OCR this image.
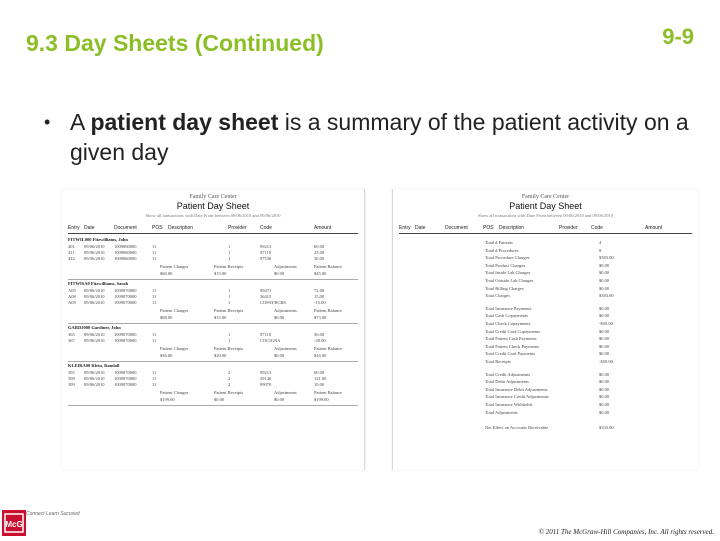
9.3 Day Sheets (Continued)	9-9
• A patient day sheet is a summary of the patient activity on a given day
Family Care Center
Patient Day Sheet
Show all transactions with Date From between 09/06/2010 and 09/06/2010
Entry Date	Document	POS Description	Provider	Code	Amount
FITWIL000 Fitzwilliams, John
401 09/06/2010 1009060000	11	1	99213	60.00
411 09/06/2010 1009060000	11	1	97110	25.00
412 09/06/2010 1009060000	11	1	97530	30.00
Patient Charges	Patient Receipts	Adjustments	Patient Balance
$60.00	$15.00	$0.00	$45.00
FITWISA0 Fitzwilliams, Sarah
A05 09/06/2010 1009070000	11	1	99471	72.00
A08 09/06/2010 1009070000	11	1	36415	15.00
A09 09/06/2010 1009070000	11	1	COPAYBCBS	-15.00
Patient Charges	Patient Receipts	Adjustments	Patient Balance
$88.00	$15.00	$0.00	$73.00
GARDJ000 Gardiner, John
365 09/06/2010 1009070000	11	1	97110	36.00
367 09/06/2010 1009070000	11	1	COCIGNA	-20.00
Patient Charges	Patient Receipts	Adjustments	Patient Balance
$36.00	$20.00	$0.00	$16.00
KLEIRA00 Klein, Randall
395 09/06/2010 1009070000	11	2	99213	60.00
398 09/06/2010 1009070000	11	2	29140	121.00
399 09/06/2010 1009070000	11	2	99070	10.00
Patient Charges	Patient Receipts	Adjustments	Patient Balance
$199.00	$0.00	$0.00	$199.00
Family Care Center
Patient Day Sheet
Show all transactions with Date From between 09/06/2010 and 09/06/2010
Entry Date	Document	POS Description	Provider	Code	Amount
Total # Patients	4
Total # Procedures	8
Total Procedure Charges	$383.00
Total Product Charges	$0.00
Total Inside Lab Charges	$0.00
Total Outside Lab Charges	$0.00
Total Billing Charges	$0.00
Total Charges	$383.00
Total Insurance Payments	$0.00
Total Cash Copayments	$0.00
Total Check Copayments	-$50.00
Total Credit Card Copayments	$0.00
Total Patient Cash Payments	$0.00
Total Patient Check Payments	$0.00
Total Credit Card Payments	$0.00
Total Receipts	-$50.00
Total Credit Adjustments	$0.00
Total Debit Adjustments	$0.00
Total Insurance Debit Adjustments	$0.00
Total Insurance Credit Adjustments	$0.00
Total Insurance Withholds	$0.00
Total Adjustments	$0.00
Net Effect on Accounts Receivable	$333.00
McG
Connect Learn Succeed
© 2011 The McGraw-Hill Companies, Inc. All rights reserved.
